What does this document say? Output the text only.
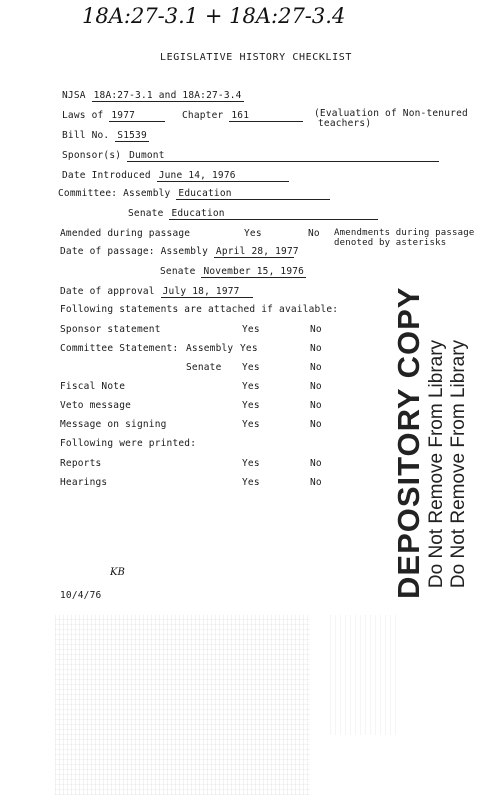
18A:27-3.1 + 18A:27-3.4
LEGISLATIVE HISTORY CHECKLIST
NJSA 18A:27-3.1 and 18A:27-3.4
Laws of 1977	Chapter 161	(Evaluation of Non-tenured
teachers)
Bill No. S1539
Sponsor(s) Dumont
Date Introduced June 14, 1976
Committee: Assembly Education
Senate Education
Amended during passage	Yes	No Amendments during passage
denoted by asterisks
Date of passage: Assembly April 28, 1977
Senate November 15, 1976
Date of approval July 18, 1977
Following statements are attached if available:
Sponsor statement	Yes	No
Committee Statement: Assembly Yes	No
Senate Yes	No
Fiscal Note	Yes	No
Veto message	Yes	No
Message on signing	Yes	No
Following were printed:
Reports	Yes	No
Hearings	Yes	No
KB
10/4/76	DEPOSITORY COPY Do Not Remove From Library Do Not Remove From Library
